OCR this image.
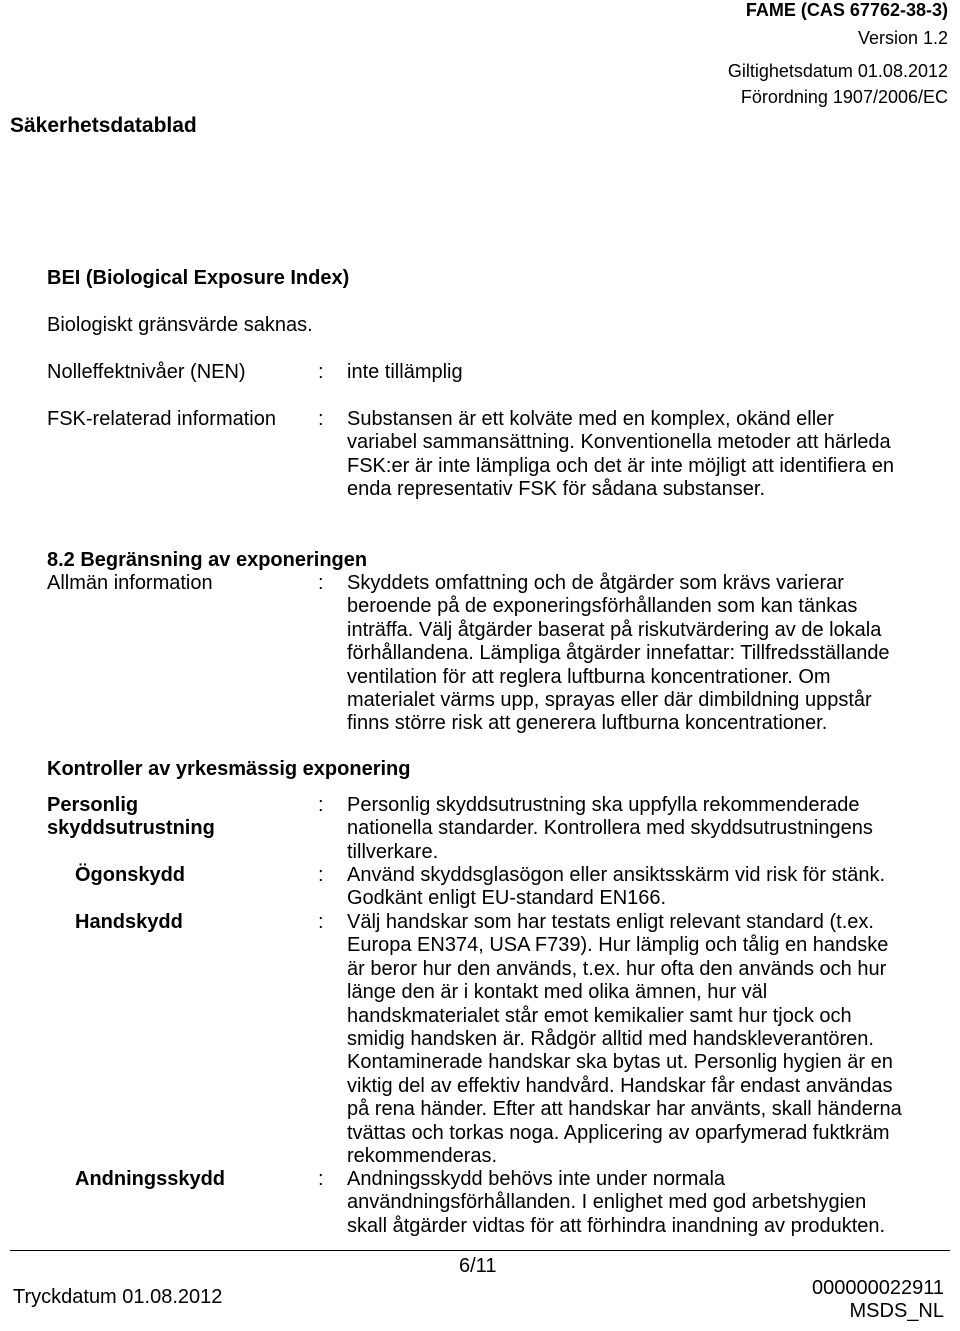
FAME (CAS 67762-38-3)
Version 1.2
Giltighetsdatum 01.08.2012
Förordning 1907/2006/EC
Säkerhetsdatablad
BEI (Biological Exposure Index)
Biologiskt gränsvärde saknas.
Nolleffektnivåer (NEN)	: inte tillämplig
FSK-relaterad information : Substansen är ett kolväte med en komplex, okänd eller
variabel sammansättning. Konventionella metoder att härleda
FSK:er är inte lämpliga och det är inte möjligt att identifiera en
enda representativ FSK för sådana substanser.
8.2 Begränsning av exponeringen
Allmän information	: Skyddets omfattning och de åtgärder som krävs varierar
beroende på de exponeringsförhållanden som kan tänkas
inträffa. Välj åtgärder baserat på riskutvärdering av de lokala
förhållandena. Lämpliga åtgärder innefattar: Tillfredsställande
ventilation för att reglera luftburna koncentrationer. Om
materialet värms upp, sprayas eller där dimbildning uppstår
finns större risk att generera luftburna koncentrationer.
Kontroller av yrkesmässig exponering
Personlig
skyddsutrustning
: Personlig skyddsutrustning ska uppfylla rekommenderade
nationella standarder. Kontrollera med skyddsutrustningens
tillverkare.
Ögonskydd	: Använd skyddsglasögon eller ansiktsskärm vid risk för stänk.
Godkänt enligt EU-standard EN166.
Handskydd	: Välj handskar som har testats enligt relevant standard (t.ex.
Europa EN374, USA F739). Hur lämplig och tålig en handske
är beror hur den används, t.ex. hur ofta den används och hur
länge den är i kontakt med olika ämnen, hur väl
handskmaterialet står emot kemikalier samt hur tjock och
smidig handsken är. Rådgör alltid med handskleverantören.
Kontaminerade handskar ska bytas ut. Personlig hygien är en
viktig del av effektiv handvård. Handskar får endast användas
på rena händer. Efter att handskar har använts, skall händerna
tvättas och torkas noga. Applicering av oparfymerad fuktkräm
rekommenderas.
Andningsskydd	: Andningsskydd behövs inte under normala
användningsförhållanden. I enlighet med god arbetshygien
skall åtgärder vidtas för att förhindra inandning av produkten.
6/11
Tryckdatum 01.08.2012	000000022911
MSDS_NL
